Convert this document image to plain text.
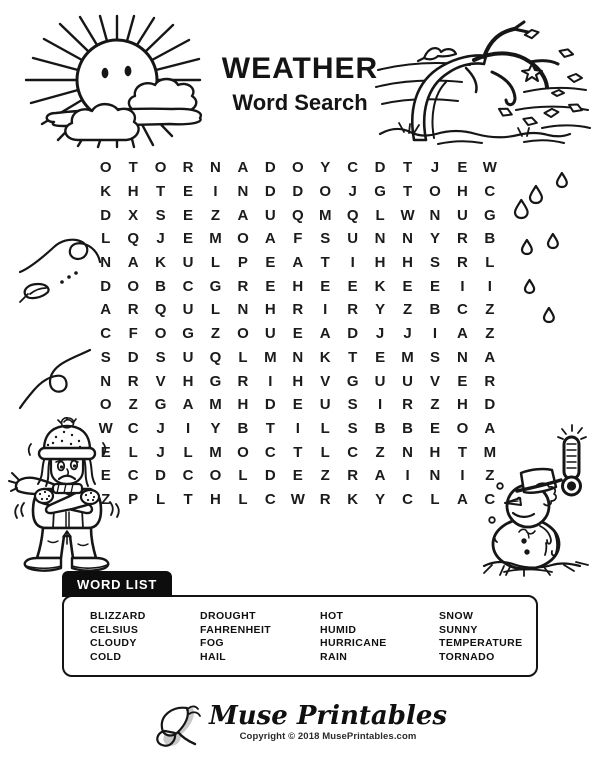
WEATHER
Word Search
O	T	O	R	N	A	D	O	Y	C	D	T	J	E	W
K	H	T	E	I	N	D	D	O	J	G	T	O	H	C
D	X	S	E	Z	A	U	Q	M	Q	L	W N	U	G
L	Q	J	E	M	O	A	F	S	U	N	N	Y	R	B
N	A	K	U	L	P	E	A	T	I	H	H	S	R	L
D	O	B	C	G	R	E	H	E	E	K	E	E	I	I
A	R	Q	U	L	N	H	R	I	R	Y	Z	B	C	Z
C	F	O	G	Z	O	U	E	A	D	J	J	I	A	Z
S	D	S	U	Q	L	M	N	K	T	E	M	S	N	A
N	R	V	H	G	R	I	H	V	G	U	U	V	E	R
O	Z	G	A	M	H	D	E	U	S	I	R	Z	H	D
W C	J	I	Y	B	T	I	L	S	B	B	E	O	A
E	L	J	L	M	O	C	T	L	C	Z	N	H	T	M
E	C	D	C	O	L	D	E	Z	R	A	I	N	I	Z
Z	P	L	T	H	L	C W R	K	Y	C	L	A	C
WORD LIST
BLIZZARD
CELSIUS
CLOUDY
COLD
DROUGHT
FAHRENHEIT
FOG
HAIL
HOT
HUMID
HURRICANE
RAIN
SNOW
SUNNY
TEMPERATURE
TORNADO
Muse Printables
Copyright © 2018 MusePrintables.com
